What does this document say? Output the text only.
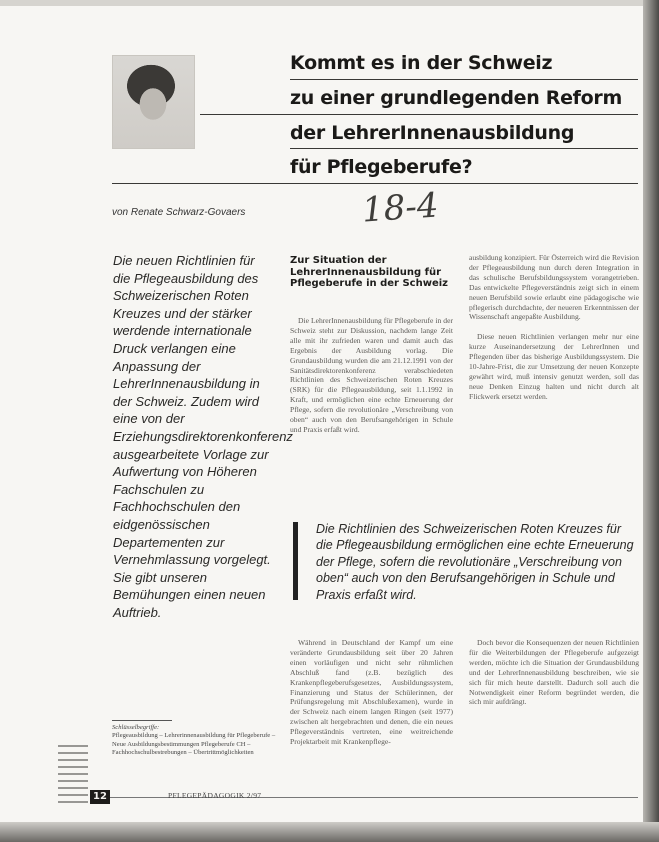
Kommt es in der Schweiz
zu einer grundlegenden Reform
der LehrerInnenausbildung
für Pflegeberufe?
von Renate Schwarz-Govaers	18-4
Die neuen Richtlinien für die Pflegeausbildung des Schweizerischen Roten Kreuzes und der stärker werdende internationale Druck verlangen eine Anpassung der LehrerInnenausbildung in der Schweiz. Zudem wird eine von der Erziehungsdirektorenkonferenz ausgearbeitete Vorlage zur Aufwertung von Höheren Fachschulen zu Fachhochschulen den eidgenössischen Departementen zur Vernehmlassung vorgelegt. Sie gibt unseren Bemühungen einen neuen Auftrieb.
Zur Situation der LehrerInnenausbildung für Pflegeberufe in der Schweiz

Die LehrerInnenausbildung für Pflegeberufe in der Schweiz steht zur Diskussion, nachdem lange Zeit alle mit ihr zufrieden waren und damit auch das Ergebnis der Ausbildung vorlag. Die Grundausbildung wurden die am 21.12.1991 von der Sanitätsdirektorenkonferenz verabschiedeten Richtlinien des Schweizerischen Roten Kreuzes (SRK) für die Pflegeausbildung, seit 1.1.1992 in Kraft, und ermöglichen eine echte Erneuerung der Pflege, sofern die revolutionäre „Verschreibung von oben“ auch von den Berufsangehörigen in Schule und Praxis erfaßt wird.

ausbildung konzipiert. Für Österreich wird die Revision der Pflegeausbildung nun durch deren Integration in das schulische Berufsbildungssystem vorangetrieben. Das entwickelte Pflegeverständnis zeigt sich in einem neuen Berufsbild sowie erlaubt eine pädagogische wie pflegerisch durchdachte, der neueren Erkenntnissen der Wissenschaft angepaßte Ausbildung.

Diese neuen Richtlinien verlangen mehr nur eine kurze Auseinandersetzung der LehrerInnen und Pflegenden über das bisherige Ausbildungssystem. Die 10-Jahre-Frist, die zur Umsetzung der neuen Konzepte gewährt wird, muß intensiv genutzt werden, soll das neue Denken Einzug halten und nicht durch alt Flickwerk ersetzt werden.

Die Richtlinien des Schweizerischen Roten Kreuzes für die Pflegeausbildung ermöglichen eine echte Erneuerung der Pflege, sofern die revolutionäre „Verschreibung von oben“ auch von den Berufsangehörigen in Schule und Praxis erfaßt wird.

Während in Deutschland der Kampf um eine veränderte Grundausbildung seit über 20 Jahren einen vorläufigen und nicht sehr rühmlichen Abschluß fand (z.B. bezüglich des Krankenpflegeberufsgesetzes, Ausbildungssystem, Finanzierung und Status der Schülerinnen, der Prüfungsregelung mit Abschlußexamen), wurde in der Schweiz nach einem langen Ringen (seit 1977) zwischen alt hergebrachten und denen, die ein neues Pflegeverständnis vertreten, eine weitreichende Projektarbeit mit Krankenpflege-

Doch bevor die Konsequenzen der neuen Richtlinien für die Weiterbildungen der Pflegeberufe aufgezeigt werden, möchte ich die Situation der Grundausbildung und der LehrerInnenausbildung beschreiben, wie sie sich für mich heute darstellt. Dadurch soll auch die Notwendigkeit einer Reform begründet werden, die sich mir aufdrängt.

Schlüsselbegriffe:
Pflegeausbildung – Lehrerinnenausbildung für Pflegeberufe – Neue Ausbildungsbestimmungen Pflegeberufe CH – Fachhochschulbestrebungen – Übertrittmöglichkeiten
12	PFLEGEPÄDAGOGIK 2/97
